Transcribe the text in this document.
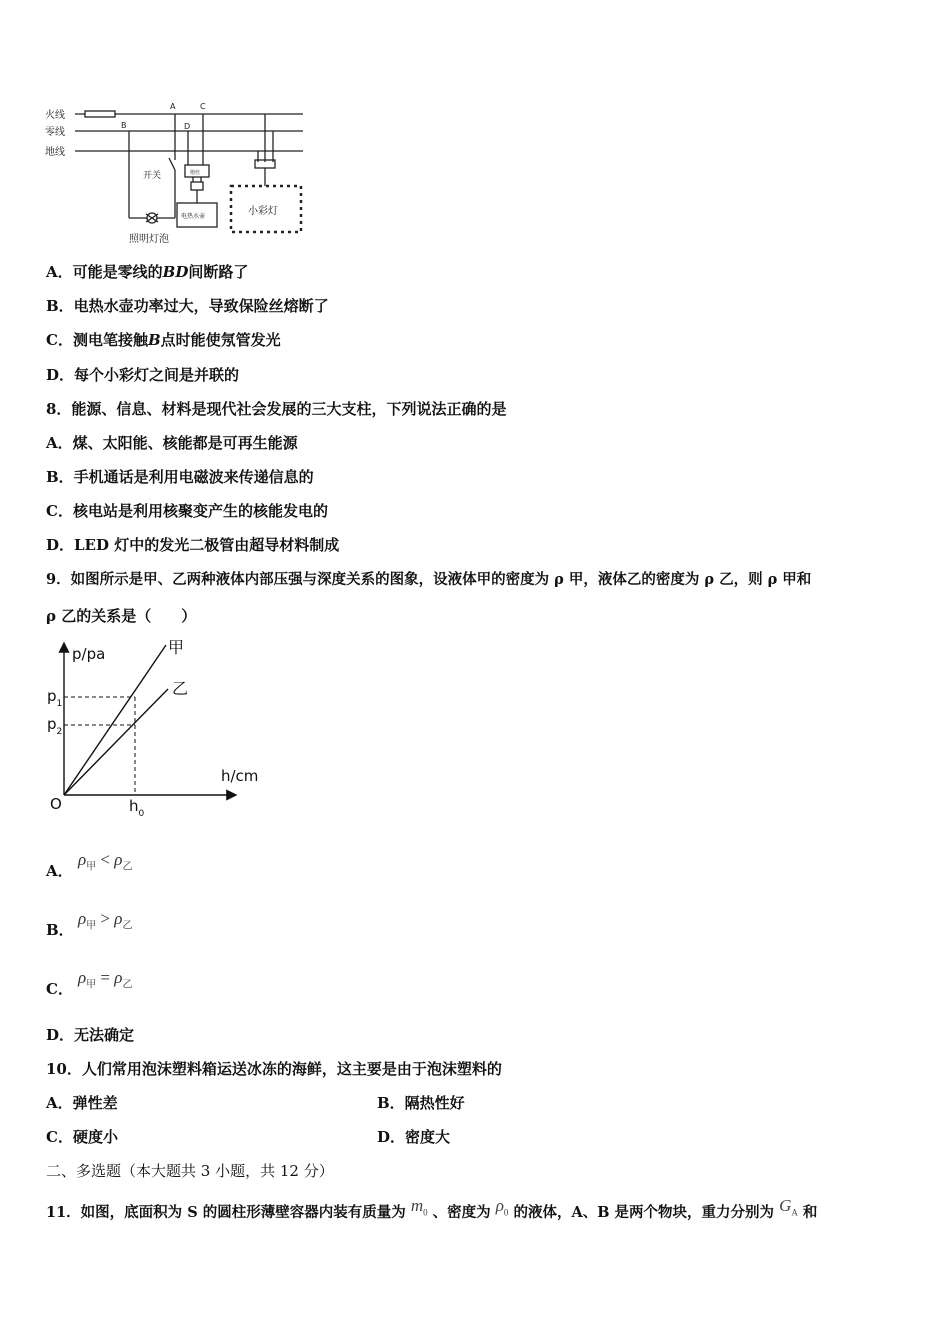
火线
零线
地线
A	C
B	D
开关	熔丝
电热水壶	小彩灯
照明灯泡
A．可能是零线的BD间断路了
B．电热水壶功率过大，导致保险丝熔断了
C．测电笔接触B点时能使氖管发光
D．每个小彩灯之间是并联的
8．能源、信息、材料是现代社会发展的三大支柱，下列说法正确的是
A．煤、太阳能、核能都是可再生能源
B．手机通话是利用电磁波来传递信息的
C．核电站是利用核聚变产生的核能发电的
D．LED 灯中的发光二极管由超导材料制成
9．如图所示是甲、乙两种液体内部压强与深度关系的图象，设液体甲的密度为 ρ 甲，液体乙的密度为 ρ 乙，则 ρ 甲和
ρ 乙的关系是（　　）
p/pa
h/cm
O
$p_1$
$p_2$
$h_0$
甲
乙
A．
$\rho_甲 < \rho_乙$
B．
$\rho_甲 > \rho_乙$
C．
$\rho_甲 = \rho_乙$
D．无法确定
10．人们常用泡沫塑料箱运送冰冻的海鲜，这主要是由于泡沫塑料的
A．弹性差	B．隔热性好
C．硬度小	D．密度大
二、多选题（本大题共 3 小题，共 12 分）
11．如图，底面积为 S 的圆柱形薄壁容器内装有质量为 $m_0$ 、密度为 $\rho_0$ 的液体，A、B 是两个物块，重力分别为 $G_A$ 和
